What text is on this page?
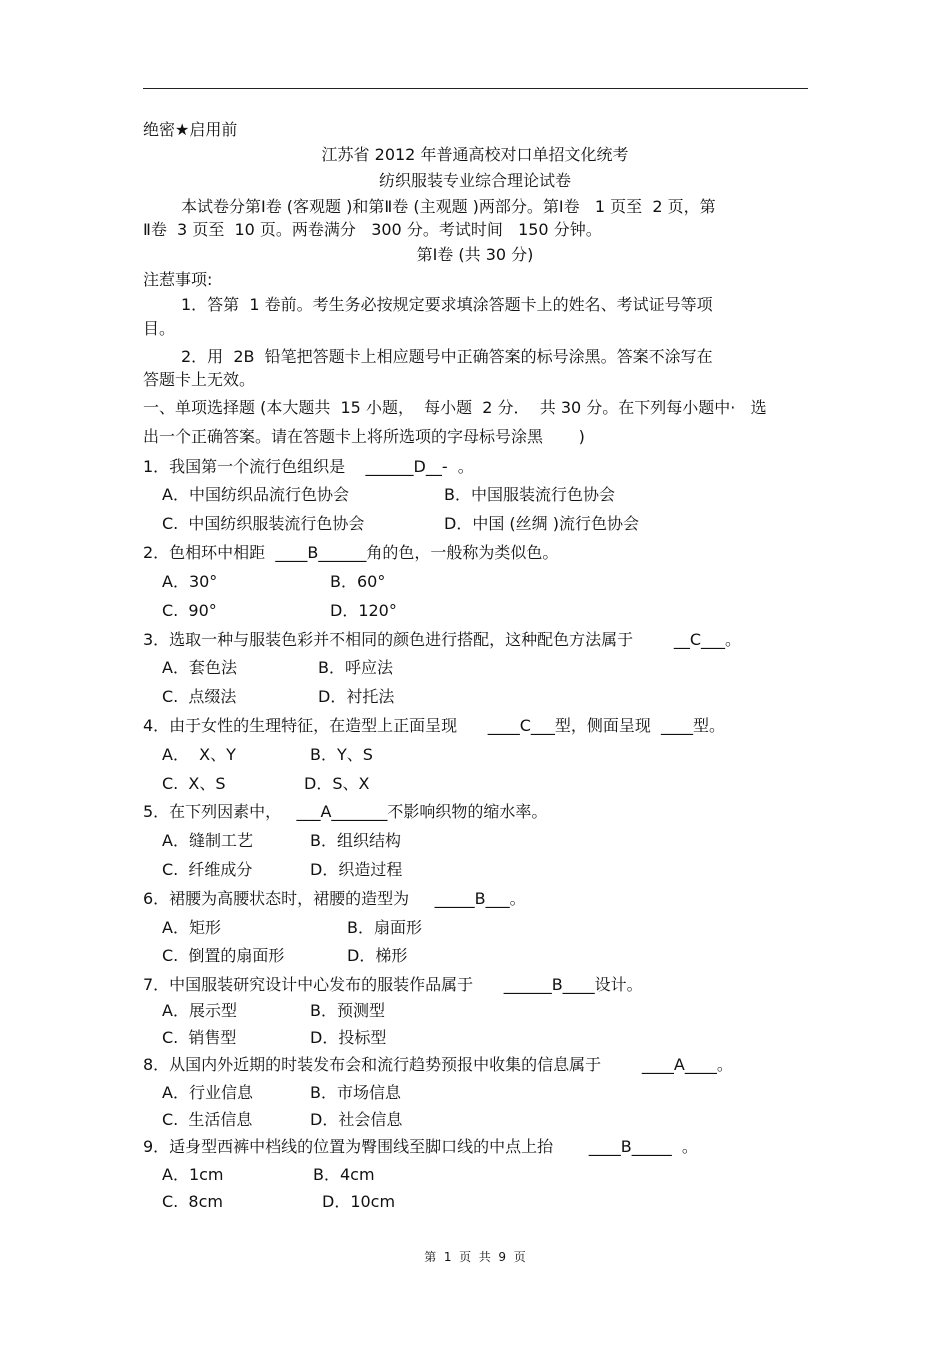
绝密★启用前
江苏省 2012 年普通高校对口单招文化统考
纺织服装专业综合理论试卷
本试卷分第Ⅰ卷 (客观题 )和第Ⅱ卷 (主观题 )两部分。第Ⅰ卷   1 页至  2 页，第
Ⅱ卷  3 页至  10 页。两卷满分   300 分。考试时间   150 分钟。
第Ⅰ卷 (共 30 分)
注惹事项:
1．答第  1 卷前。考生务必按规定要求填涂答题卡上的姓名、考试证号等项
目。
2．用  2B  铅笔把答题卡上相应题号中正确答案的标号涂黑。答案不涂写在
答题卡上无效。
一、单项选择题 (本大题共  15 小题，  每小题  2 分．  共 30 分。在下列每小题中·   选
出一个正确答案。请在答题卡上将所选项的字母标号涂黑       )
1．我国第一个流行色组织是    ______D__-  。
A．中国纺织品流行色协会	B．中国服装流行色协会
C.  中国纺织服装流行色协会	D．中国 (丝绸 )流行色协会
2．色相环中相距  ____B______角的色，一般称为类似色。
A．30°	B．60°
C.  90°	D．120°
3．选取一种与服装色彩并不相同的颜色进行搭配，这种配色方法属于        __C___。
A．套色法	B．呼应法
C.  点缀法	D．衬托法
4．由于女性的生理特征，在造型上正面呈现      ____C___型，侧面呈现  ____型。
A．  X、Y	B．Y、S
C.  X、S	D．S、X
5．在下列因素中，   ___A_______不影响织物的缩水率。
A．缝制工艺	B．组织结构
C.  纤维成分	D．织造过程
6．裙腰为高腰状态时，裙腰的造型为     _____B___。
A．矩形	B．扇面形
C.  倒置的扇面形	D．梯形
7．中国服装研究设计中心发布的服装作品属于      ______B____设计。
A．展示型	B．预测型
C.  销售型	D．投标型
8．从国内外近期的时装发布会和流行趋势预报中收集的信息属于        ____A____。
A．行业信息	B．市场信息
C.  生活信息	D．社会信息
9．适身型西裤中档线的位置为臀围线至脚口线的中点上抬       ____B_____  。
A．1cm	B．4cm
C.  8cm	D．10cm
第  1  页  共  9  页
